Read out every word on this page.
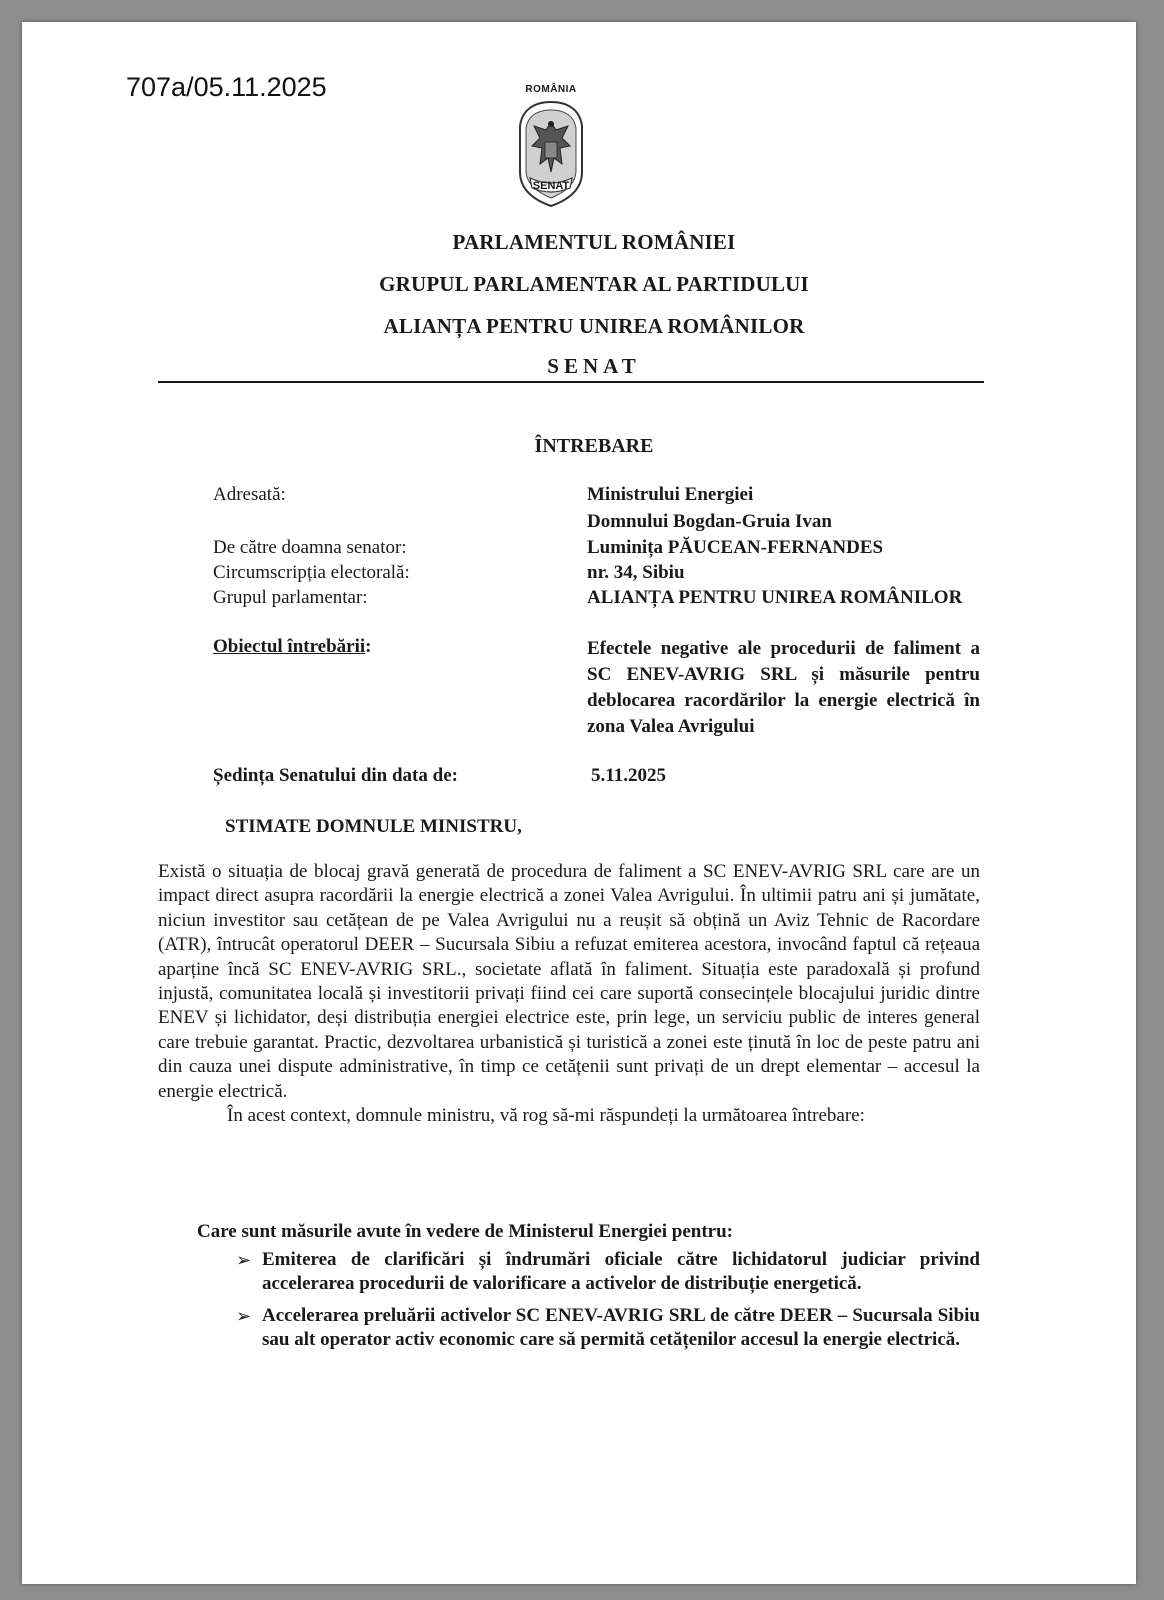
707a/05.11.2025	ROMÂNIA
SENAT
PARLAMENTUL ROMÂNIEI
GRUPUL PARLAMENTAR AL PARTIDULUI
ALIANȚA PENTRU UNIREA ROMÂNILOR
SENAT
ÎNTREBARE
Adresată:	Ministrului Energiei
Domnului Bogdan-Gruia Ivan
De către doamna senator:	Luminița PĂUCEAN-FERNANDES
Circumscripția electorală:	nr. 34, Sibiu
Grupul parlamentar:	ALIANȚA PENTRU UNIREA ROMÂNILOR
Obiectul întrebării:	Efectele negative ale procedurii de faliment a SC ENEV-AVRIG SRL și măsurile pentru deblocarea racordărilor la energie electrică în zona Valea Avrigului
Ședința Senatului din data de:	5.11.2025
STIMATE DOMNULE MINISTRU,

Există o situația de blocaj gravă generată de procedura de faliment a SC ENEV-AVRIG SRL care are un impact direct asupra racordării la energie electrică a zonei Valea Avrigului. În ultimii patru ani și jumătate, niciun investitor sau cetățean de pe Valea Avrigului nu a reușit să obțină un Aviz Tehnic de Racordare (ATR), întrucât operatorul DEER – Sucursala Sibiu a refuzat emiterea acestora, invocând faptul că rețeaua aparține încă SC ENEV-AVRIG SRL., societate aflată în faliment. Situația este paradoxală și profund injustă, comunitatea locală și investitorii privați fiind cei care suportă consecințele blocajului juridic dintre ENEV și lichidator, deși distribuția energiei electrice este, prin lege, un serviciu public de interes general care trebuie garantat. Practic, dezvoltarea urbanistică și turistică a zonei este ținută în loc de peste patru ani din cauza unei dispute administrative, în timp ce cetățenii sunt privați de un drept elementar – accesul la energie electrică.

În acest context, domnule ministru, vă rog să-mi răspundeți la următoarea întrebare:

Care sunt măsurile avute în vedere de Ministerul Energiei pentru:
➢ Emiterea de clarificări și îndrumări oficiale către lichidatorul judiciar privind accelerarea procedurii de valorificare a activelor de distribuție energetică.
➢ Accelerarea preluării activelor SC ENEV-AVRIG SRL de către DEER – Sucursala Sibiu sau alt operator activ economic care să permită cetățenilor accesul la energie electrică.
